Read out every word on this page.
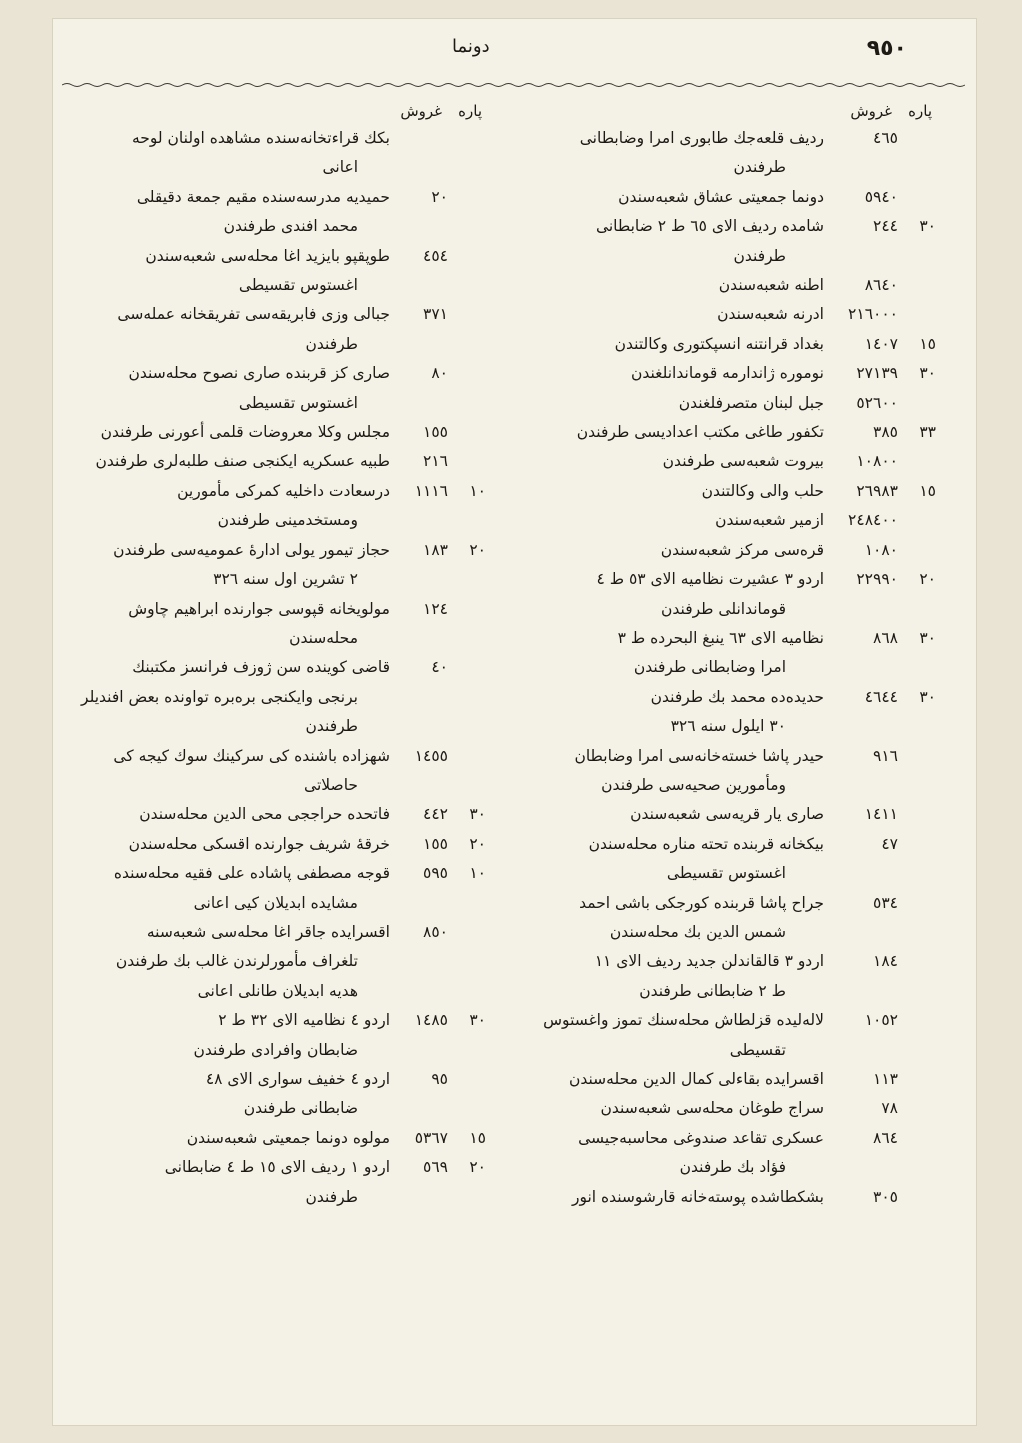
٩٥٠
دونما
پاره
غروش
٤٦٥
رديف قلعه‌جك طابورى امرا وضابطانى
طرفندن
٥٩٤٠
دونما جمعيتى عشاق شعبه‌سندن
٣٠
٢٤٤
شامده رديف الاى ٦٥ ط ٢ ضابطانى
طرفندن
٨٦٤٠
اطنه شعبه‌سندن
٢١٦٠٠٠
ادرنه شعبه‌سندن
١٥
١٤٠٧
بغداد قرانتنه انسپكتورى وكالتندن
٣٠
٢٧١٣٩
نوموره ژاندارمه قوماندانلغندن
٥٢٦٠٠
جبل لبنان متصرفلغندن
٣٣
٣٨٥
تكفور طاغى مكتب اعداديسى طرفندن
١٠٨٠٠
بيروت شعبه‌سى طرفندن
١٥
٢٦٩٨٣
حلب والى وكالتندن
٢٤٨٤٠٠
ازمير شعبه‌سندن
١٠٨٠
قره‌سى مركز شعبه‌سندن
٢٠
٢٢٩٩٠
اردو ٣ عشيرت نظاميه الاى ٥٣ ط ٤
قوماندانلى طرفندن
٣٠
٨٦٨
نظاميه الاى ٦٣ ينبغ البحرده ط ٣
امرا وضابطانى طرفندن
٣٠
٤٦٤٤
حديده‌ده محمد بك طرفندن
٣٠ ايلول سنه ٣٢٦
٩١٦
حيدر پاشا خسته‌خانه‌سى امرا وضابطان
ومأمورين صحيه‌سى طرفندن
١٤١١
صارى يار قريه‌سى شعبه‌سندن
٤٧
بيكخانه قربنده تحته مناره محله‌سندن
اغستوس تقسيطى
٥٣٤
جراح پاشا قربنده كورجكى باشى احمد
شمس الدين بك محله‌سندن
١٨٤
اردو ٣ قالقاندلن جديد رديف الاى ١١
ط ٢ ضابطانى طرفندن
١٠٥٢
لاله‌ليده قزلطاش محله‌سنك تموز واغستوس
تقسيطى
١١٣
اقسرايده بقاءلى كمال الدين محله‌سندن
٧٨
سراج طوغان محله‌سى شعبه‌سندن
٨٦٤
عسكرى تقاعد صندوغى محاسبه‌جيسى
فؤاد بك طرفندن
٣٠٥
بشكطاشده پوسته‌خانه قارشوسنده انور
پاره
غروش
بكك قراءتخانه‌سنده مشاهده اولنان لوحه
اعانى
٢٠
حميديه مدرسه‌سنده مقيم جمعة دقيقلى
محمد افندى طرفندن
٤٥٤
طوپقپو بايزيد اغا محله‌سى شعبه‌سندن
اغستوس تقسيطى
٣٧١
جبالى وزى فابريقه‌سى تفريقخانه عمله‌سى
طرفندن
٨٠
صارى كز قربنده صارى نصوح محله‌سندن
اغستوس تقسيطى
١٥٥
مجلس وكلا معروضات قلمى أعورنى طرفندن
٢١٦
طبيه عسكريه ايكنجى صنف طلبه‌لرى طرفندن
١٠
١١١٦
درسعادت داخليه كمركى مأمورين
ومستخدمينى طرفندن
٢٠
١٨٣
حجاز تيمور يولى ادارهٔ عموميه‌سى طرفندن
٢ تشرين اول سنه ٣٢٦
١٢٤
مولويخانه قپوسى جوارنده ابراهيم چاوش
محله‌سندن
٤٠
قاضى كوينده سن ژوزف فرانسز مكتبنك
برنجى وايكنجى بره‌بره تواونده بعض افنديلر
طرفندن
١٤٥٥
شهزاده باشنده كى سركينك سوك كيجه كى
حاصلاتى
٣٠
٤٤٢
فاتحده حراججى محى الدين محله‌سندن
٢٠
١٥٥
خرقهٔ شريف جوارنده اقسكى محله‌سندن
١٠
٥٩٥
قوجه مصطفى پاشاده على فقيه محله‌سنده
مشايده ابديلان كيى اعانى
٨٥٠
اقسرايده جاقر اغا محله‌سى شعبه‌سنه
تلغراف مأمورلرندن غالب بك طرفندن
هديه ابديلان طانلى اعانى
٣٠
١٤٨٥
اردو ٤ نظاميه الاى ٣٢ ط ٢
ضابطان وافرادى طرفندن
٩٥
اردو ٤ خفيف سوارى الاى ٤٨
ضابطانى طرفندن
١٥
٥٣٦٧
مولوه دونما جمعيتى شعبه‌سندن
٢٠
٥٦٩
اردو ١ رديف الاى ١٥ ط ٤ ضابطانى
طرفندن
